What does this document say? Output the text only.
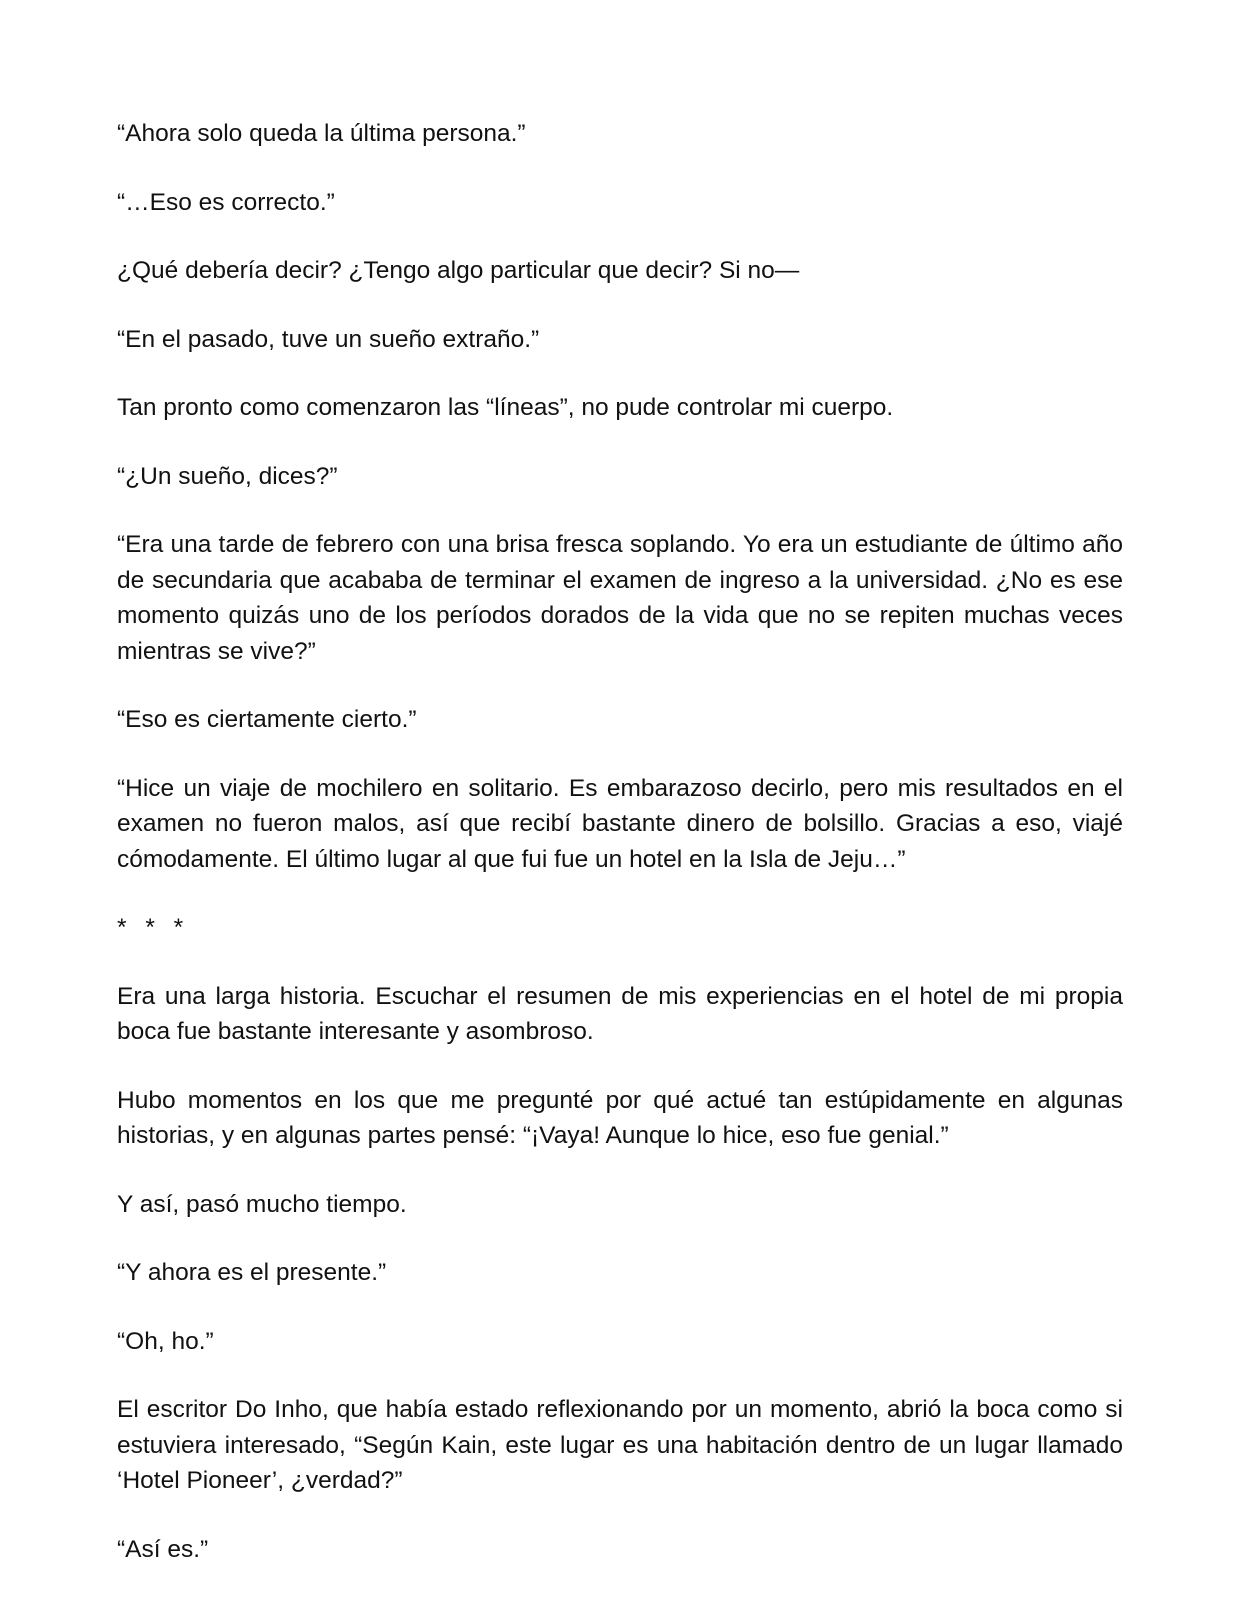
“Ahora solo queda la última persona.”

“…Eso es correcto.”

¿Qué debería decir? ¿Tengo algo particular que decir? Si no—

“En el pasado, tuve un sueño extraño.”

Tan pronto como comenzaron las “líneas”, no pude controlar mi cuerpo.

“¿Un sueño, dices?”

“Era una tarde de febrero con una brisa fresca soplando. Yo era un estudiante de último año de secundaria que acababa de terminar el examen de ingreso a la universidad. ¿No es ese momento quizás uno de los períodos dorados de la vida que no se repiten muchas veces mientras se vive?”

“Eso es ciertamente cierto.”

“Hice un viaje de mochilero en solitario. Es embarazoso decirlo, pero mis resultados en el examen no fueron malos, así que recibí bastante dinero de bolsillo. Gracias a eso, viajé cómodamente. El último lugar al que fui fue un hotel en la Isla de Jeju…”

* * *

Era una larga historia. Escuchar el resumen de mis experiencias en el hotel de mi propia boca fue bastante interesante y asombroso.

Hubo momentos en los que me pregunté por qué actué tan estúpidamente en algunas historias, y en algunas partes pensé: “¡Vaya! Aunque lo hice, eso fue genial.”

Y así, pasó mucho tiempo.

“Y ahora es el presente.”

“Oh, ho.”

El escritor Do Inho, que había estado reflexionando por un momento, abrió la boca como si estuviera interesado, “Según Kain, este lugar es una habitación dentro de un lugar llamado ‘Hotel Pioneer’, ¿verdad?”

“Así es.”
